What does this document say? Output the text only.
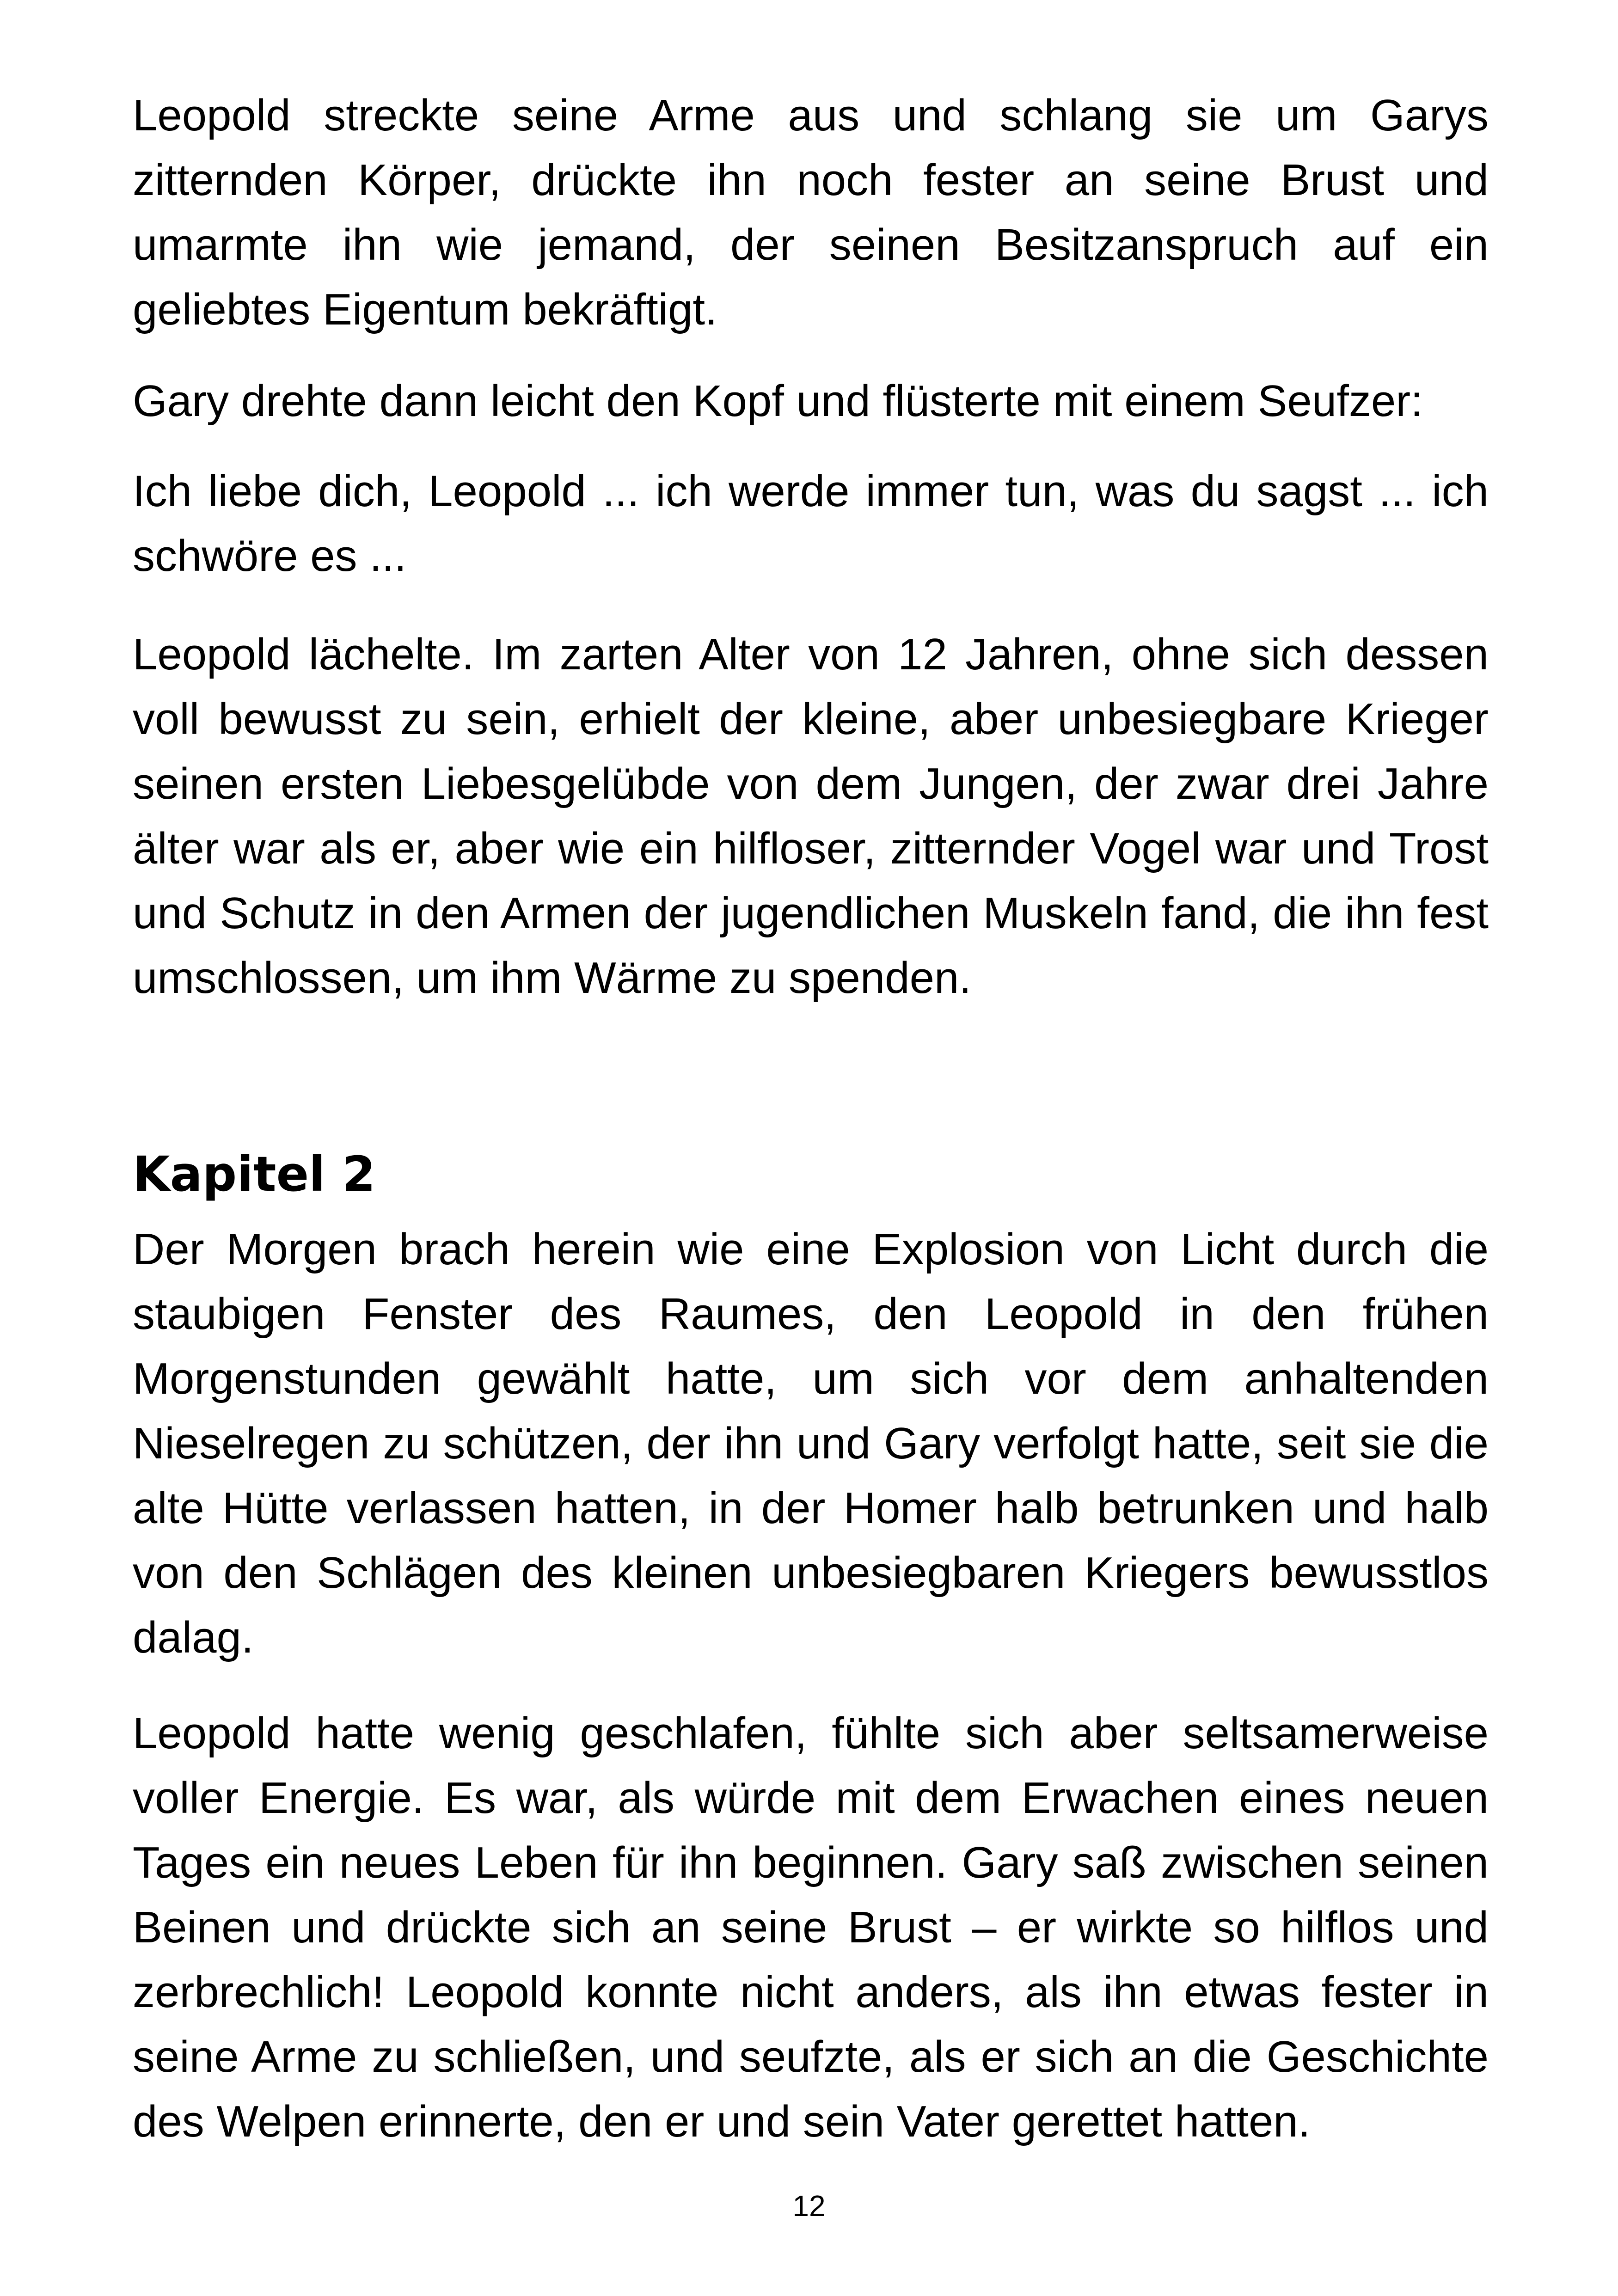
Leopold streckte seine Arme aus und schlang sie um Garys zitternden Körper, drückte ihn noch fester an seine Brust und umarmte ihn wie jemand, der seinen Besitzanspruch auf ein geliebtes Eigentum bekräftigt.

Gary drehte dann leicht den Kopf und flüsterte mit einem Seufzer:

Ich liebe dich, Leopold ... ich werde immer tun, was du sagst ... ich schwöre es ...

Leopold lächelte. Im zarten Alter von 12 Jahren, ohne sich dessen voll bewusst zu sein, erhielt der kleine, aber unbesiegbare Krieger seinen ersten Liebesgelübde von dem Jungen, der zwar drei Jahre älter war als er, aber wie ein hilfloser, zitternder Vogel war und Trost und Schutz in den Armen der jugendlichen Muskeln fand, die ihn fest umschlossen, um ihm Wärme zu spenden.

Kapitel 2

Der Morgen brach herein wie eine Explosion von Licht durch die staubigen Fenster des Raumes, den Leopold in den frühen Morgenstunden gewählt hatte, um sich vor dem anhaltenden Nieselregen zu schützen, der ihn und Gary verfolgt hatte, seit sie die alte Hütte verlassen hatten, in der Homer halb betrunken und halb von den Schlägen des kleinen unbesiegbaren Kriegers bewusstlos dalag.

Leopold hatte wenig geschlafen, fühlte sich aber seltsamerweise voller Energie. Es war, als würde mit dem Erwachen eines neuen Tages ein neues Leben für ihn beginnen. Gary saß zwischen seinen Beinen und drückte sich an seine Brust – er wirkte so hilflos und zerbrechlich! Leopold konnte nicht anders, als ihn etwas fester in seine Arme zu schließen, und seufzte, als er sich an die Geschichte des Welpen erinnerte, den er und sein Vater gerettet hatten.

12
